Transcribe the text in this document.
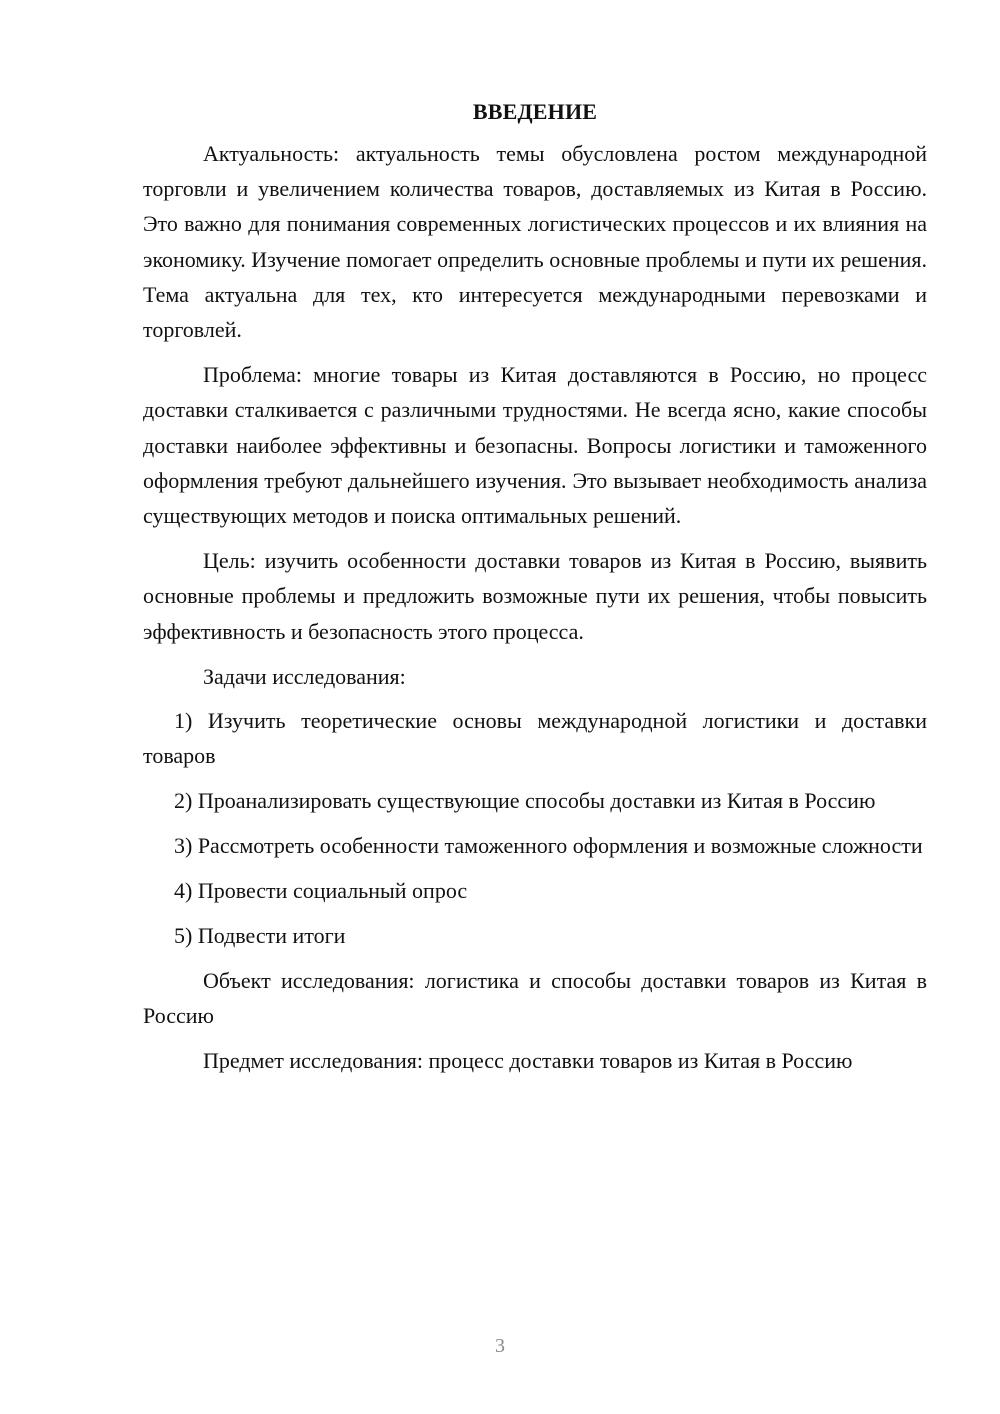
ВВЕДЕНИЕ

Актуальность: актуальность темы обусловлена ростом международной торговли и увеличением количества товаров, доставляемых из Китая в Россию. Это важно для понимания современных логистических процессов и их влияния на экономику. Изучение помогает определить основные проблемы и пути их решения. Тема актуальна для тех, кто интересуется международными перевозками и торговлей.

Проблема: многие товары из Китая доставляются в Россию, но процесс доставки сталкивается с различными трудностями. Не всегда ясно, какие способы доставки наиболее эффективны и безопасны. Вопросы логистики и таможенного оформления требуют дальнейшего изучения. Это вызывает необходимость анализа существующих методов и поиска оптимальных решений.

Цель: изучить особенности доставки товаров из Китая в Россию, выявить основные проблемы и предложить возможные пути их решения, чтобы повысить эффективность и безопасность этого процесса.

Задачи исследования:

1) Изучить теоретические основы международной логистики и доставки товаров

2) Проанализировать существующие способы доставки из Китая в Россию

3) Рассмотреть особенности таможенного оформления и возможные сложности

4) Провести социальный опрос

5) Подвести итоги

Объект исследования: логистика и способы доставки товаров из Китая в Россию

Предмет исследования: процесс доставки товаров из Китая в Россию

3
